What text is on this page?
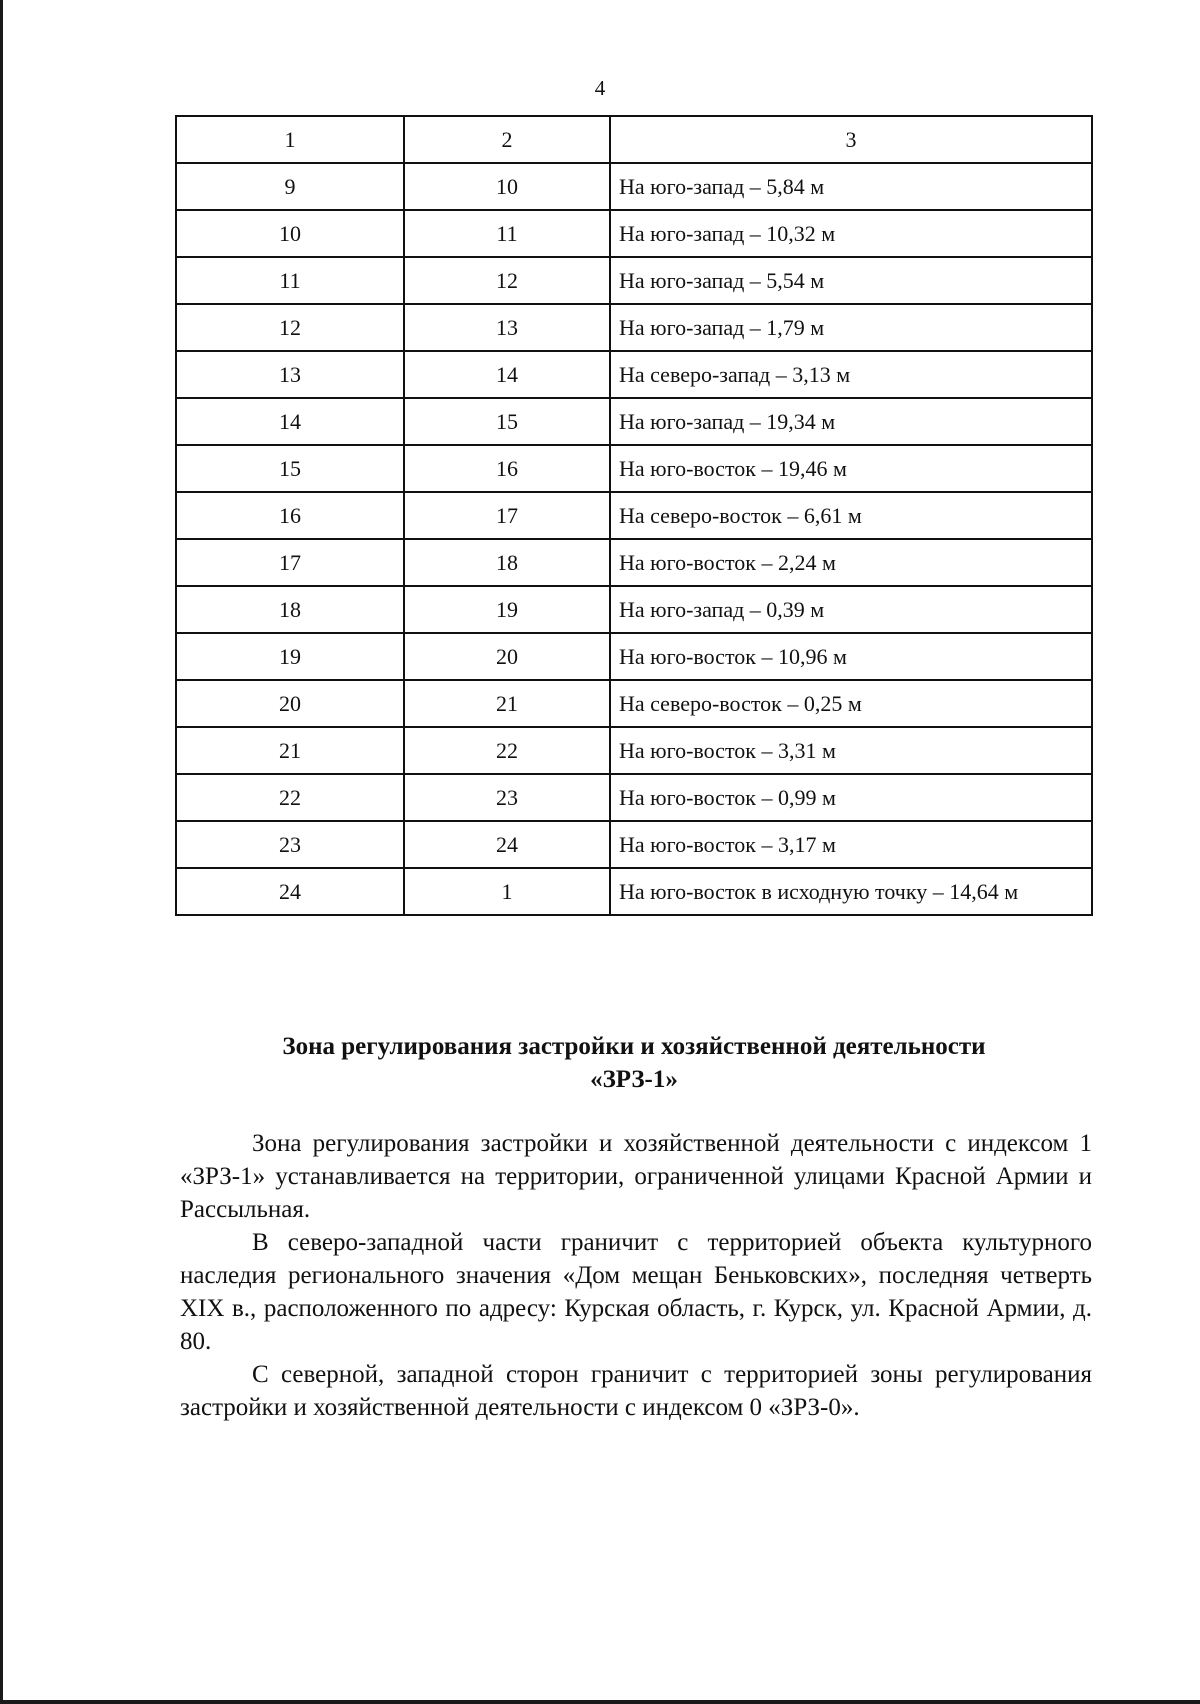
4
1	2	3
9	10	На юго-запад – 5,84 м
10	11	На юго-запад – 10,32 м
11	12	На юго-запад – 5,54 м
12	13	На юго-запад – 1,79 м
13	14	На северо-запад – 3,13 м
14	15	На юго-запад – 19,34 м
15	16	На юго-восток – 19,46 м
16	17	На северо-восток – 6,61 м
17	18	На юго-восток – 2,24 м
18	19	На юго-запад – 0,39 м
19	20	На юго-восток – 10,96 м
20	21	На северо-восток – 0,25 м
21	22	На юго-восток – 3,31 м
22	23	На юго-восток – 0,99 м
23	24	На юго-восток – 3,17 м
24	1	На юго-восток в исходную точку – 14,64 м
Зона регулирования застройки и хозяйственной деятельности
«ЗРЗ-1»

Зона регулирования застройки и хозяйственной деятельности с индексом 1 «ЗРЗ-1» устанавливается на территории, ограниченной улицами Красной Армии и Рассыльная.

В северо-западной части граничит с территорией объекта культурного наследия регионального значения «Дом мещан Беньковских», последняя четверть XIX в., расположенного по адресу: Курская область, г. Курск, ул. Красной Армии, д. 80.

С северной, западной сторон граничит с территорией зоны регулирования застройки и хозяйственной деятельности с индексом 0 «ЗРЗ-0».
